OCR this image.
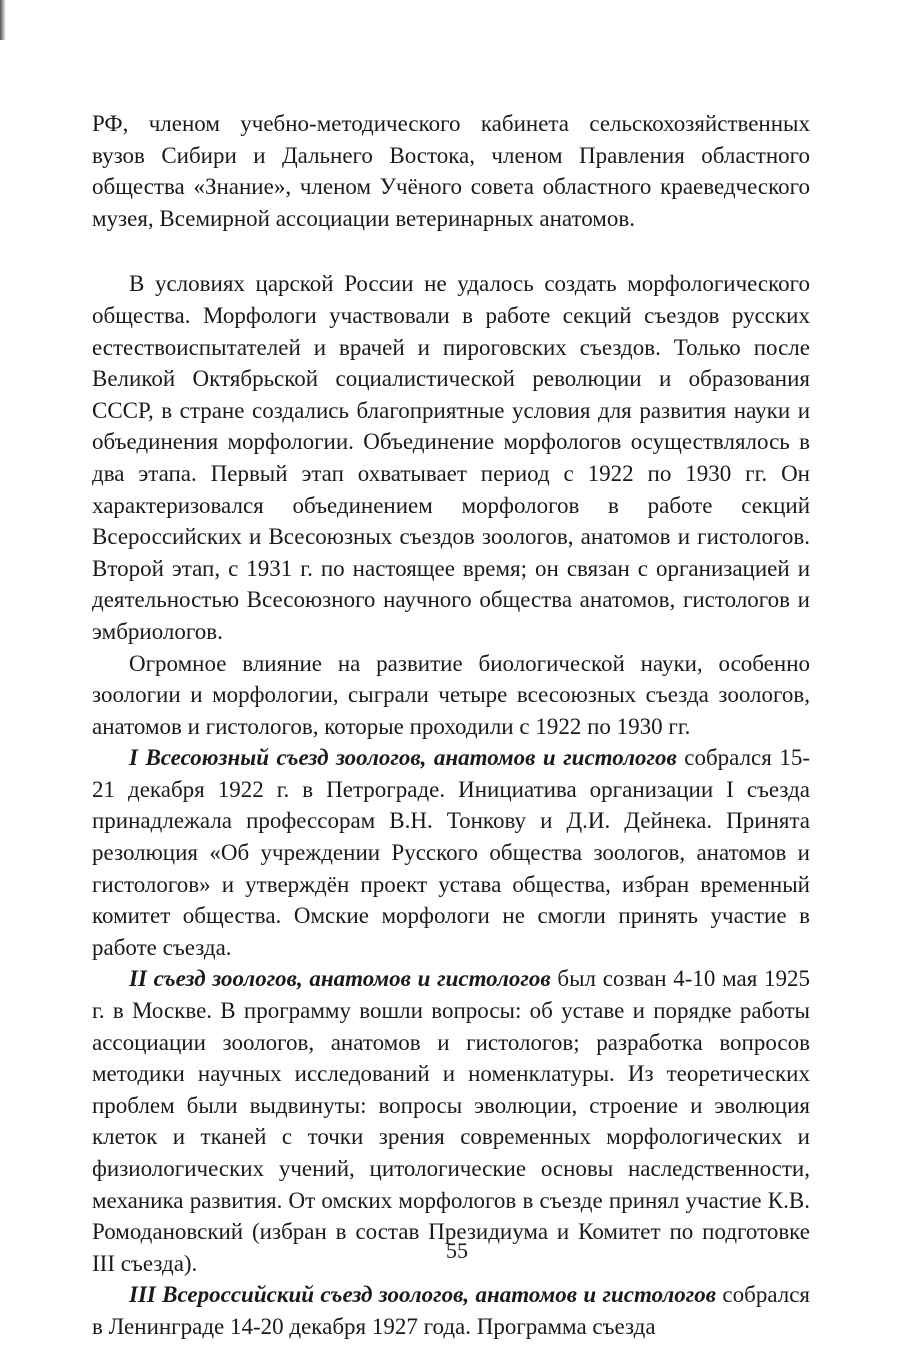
РФ, членом учебно-методического кабинета сельскохозяйственных вузов Сибири и Дальнего Востока, членом Правления областного общества «Знание», членом Учёного совета областного краеведческого музея, Всемирной ассоциации ветеринарных анатомов.

В условиях царской России не удалось создать морфологического общества. Морфологи участвовали в работе секций съездов русских естествоиспытателей и врачей и пироговских съездов. Только после Великой Октябрьской социалистической революции и образования СССР, в стране создались благоприятные условия для развития науки и объединения морфологии. Объединение морфологов осуществлялось в два этапа. Первый этап охватывает период с 1922 по 1930 гг. Он характеризовался объединением морфологов в работе секций Всероссийских и Всесоюзных съездов зоологов, анатомов и гистологов. Второй этап, с 1931 г. по настоящее время; он связан с организацией и деятельностью Всесоюзного научного общества анатомов, гистологов и эмбриологов.

Огромное влияние на развитие биологической науки, особенно зоологии и морфологии, сыграли четыре всесоюзных съезда зоологов, анатомов и гистологов, которые проходили с 1922 по 1930 гг.

I Всесоюзный съезд зоологов, анатомов и гистологов собрался 15-21 декабря 1922 г. в Петрограде. Инициатива организации I съезда принадлежала профессорам В.Н. Тонкову и Д.И. Дейнека. Принята резолюция «Об учреждении Русского общества зоологов, анатомов и гистологов» и утверждён проект устава общества, избран временный комитет общества. Омские морфологи не смогли принять участие в работе съезда.

II съезд зоологов, анатомов и гистологов был созван 4-10 мая 1925 г. в Москве. В программу вошли вопросы: об уставе и порядке работы ассоциации зоологов, анатомов и гистологов; разработка вопросов методики научных исследований и номенклатуры. Из теоретических проблем были выдвинуты: вопросы эволюции, строение и эволюция клеток и тканей с точки зрения современных морфологических и физиологических учений, цитологические основы наследственности, механика развития. От омских морфологов в съезде принял участие К.В. Ромодановский (избран в состав Президиума и Комитет по подготовке III съезда).

III Всероссийский съезд зоологов, анатомов и гистологов собрался в Ленинграде 14-20 декабря 1927 года. Программа съезда

55
